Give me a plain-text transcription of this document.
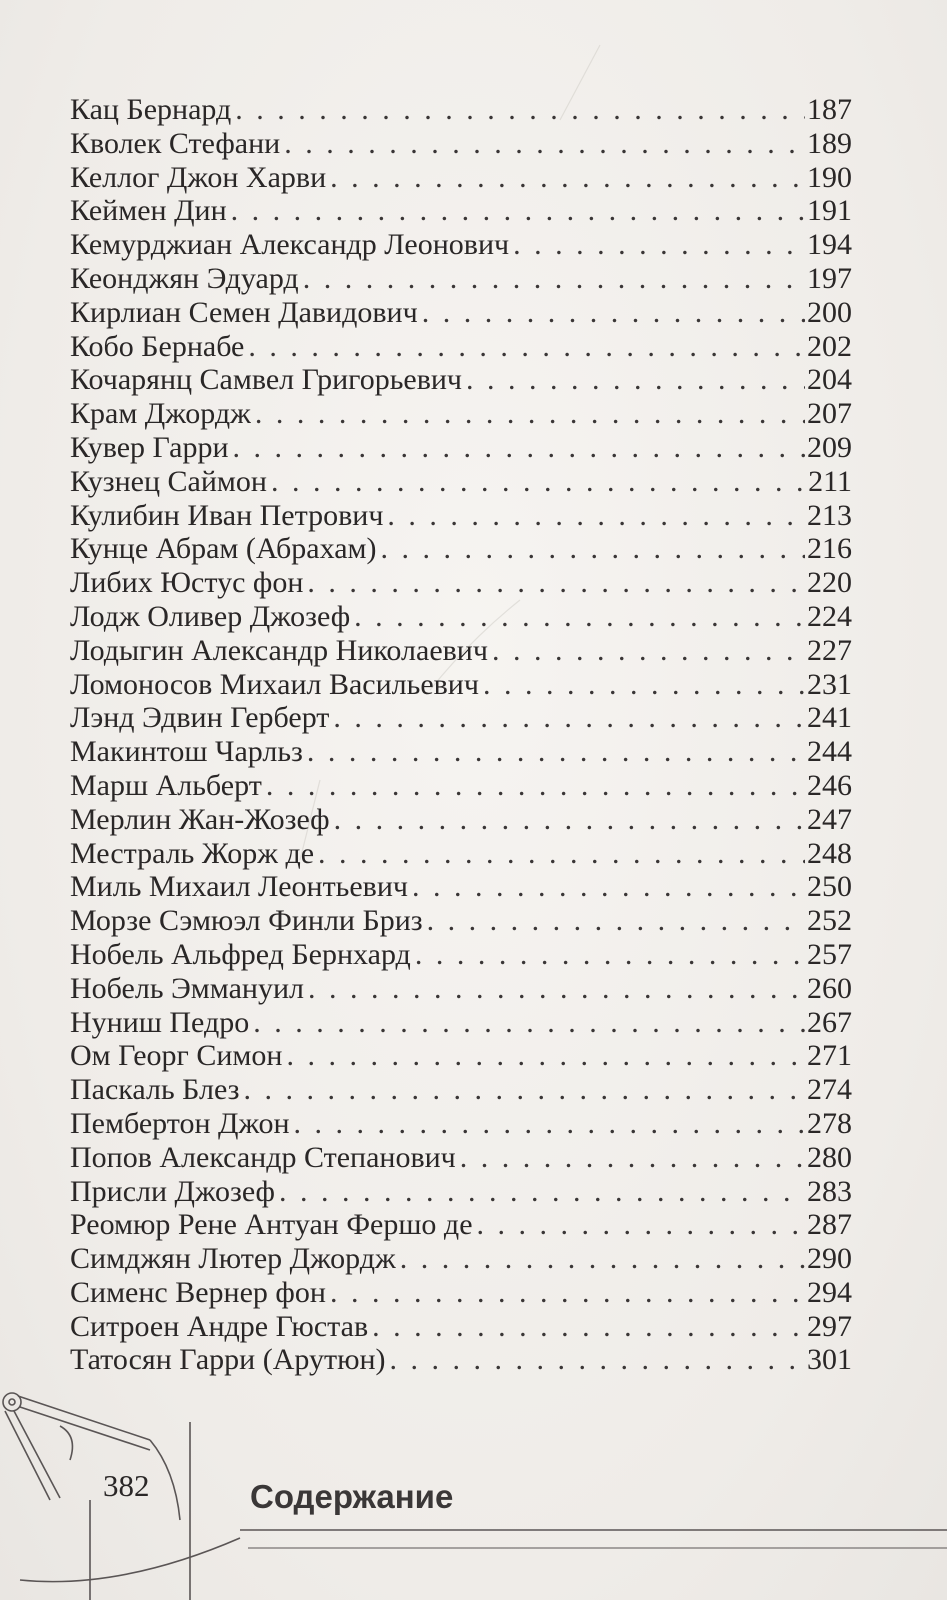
Кац Бернард . . .	187
Кволек Стефани . . .	189
Келлог Джон Харви . . .	190
Кеймен Дин . . .	191
Кемурджиан Александр Леонович . . .	194
Кеонджян Эдуард . . .	197
Кирлиан Семен Давидович . . .	200
Кобо Бернабе . . .	202
Кочарянц Самвел Григорьевич . . .	204
Крам Джордж . . .	207
Кувер Гарри . . .	209
Кузнец Саймон . . .	211
Кулибин Иван Петрович . . .	213
Кунце Абрам (Абрахам) . . .	216
Либих Юстус фон . . .	220
Лодж Оливер Джозеф . . .	224
Лодыгин Александр Николаевич . . .	227
Ломоносов Михаил Васильевич . . .	231
Лэнд Эдвин Герберт . . .	241
Макинтош Чарльз . . .	244
Марш Альберт . . .	246
Мерлин Жан-Жозеф . . .	247
Местраль Жорж де . . .	248
Миль Михаил Леонтьевич . . .	250
Морзе Сэмюэл Финли Бриз . . .	252
Нобель Альфред Бернхард . . .	257
Нобель Эммануил . . .	260
Нуниш Педро . . .	267
Ом Георг Симон . . .	271
Паскаль Блез . . .	274
Пембертон Джон . . .	278
Попов Александр Степанович . . .	280
Присли Джозеф . . .	283
Реомюр Рене Антуан Фершо де . . .	287
Симджян Лютер Джордж . . .	290
Сименс Вернер фон . . .	294
Ситроен Андре Гюстав . . .	297
Татосян Гарри (Арутюн) . . .	301
382	Содержание
